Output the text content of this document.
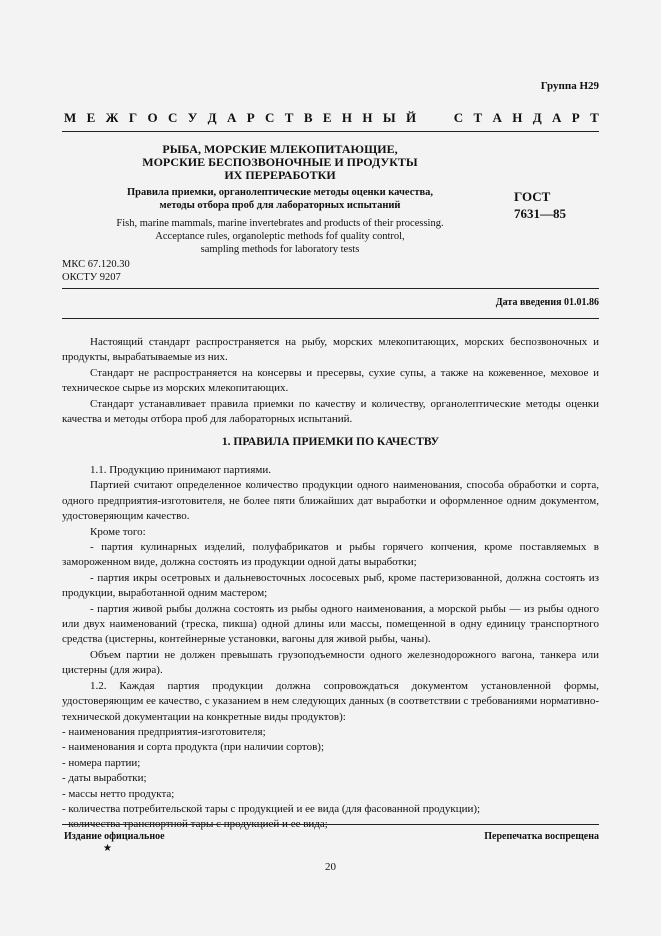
Группа Н29
М Е Ж Г О С У Д А Р С Т В Е Н Н Ы Й

	С Т А Н Д А Р Т
РЫБА, МОРСКИЕ МЛЕКОПИТАЮЩИЕ,
МОРСКИЕ БЕСПОЗВОНОЧНЫЕ И ПРОДУКТЫ
ИХ ПЕРЕРАБОТКИ
Правила приемки, органолептические методы оценки качества,
методы отбора проб для лабораторных испытаний
Fish, marine mammals, marine invertebrates and products of their processing.
Acceptance rules, organoleptic methods fof quality control,
sampling methods for laboratory tests
ГОСТ
7631—85
МКС 67.120.30
ОКСТУ 9207
Дата введения 01.01.86

Настоящий стандарт распространяется на рыбу, морских млекопитающих, морских беспозвоночных и продукты, вырабатываемые из них.

Стандарт не распространяется на консервы и пресервы, сухие супы, а также на кожевенное, меховое и техническое сырье из морских млекопитающих.

Стандарт устанавливает правила приемки по качеству и количеству, органолептические методы оценки качества и методы отбора проб для лабораторных испытаний.

1. ПРАВИЛА ПРИЕМКИ ПО КАЧЕСТВУ

1.1. Продукцию принимают партиями.

Партией считают определенное количество продукции одного наименования, способа обработки и сорта, одного предприятия-изготовителя, не более пяти ближайших дат выработки и оформленное одним документом, удостоверяющим качество.

Кроме того:

- партия кулинарных изделий, полуфабрикатов и рыбы горячего копчения, кроме поставляемых в замороженном виде, должна состоять из продукции одной даты выработки;

- партия икры осетровых и дальневосточных лососевых рыб, кроме пастеризованной, должна состоять из продукции, выработанной одним мастером;

- партия живой рыбы должна состоять из рыбы одного наименования, а морской рыбы — из рыбы одного или двух наименований (треска, пикша) одной длины или массы, помещенной в одну единицу транспортного средства (цистерны, контейнерные установки, вагоны для живой рыбы, чаны).

Объем партии не должен превышать грузоподъемности одного железнодорожного вагона, танкера или цистерны (для жира).

1.2. Каждая партия продукции должна сопровождаться документом установленной формы, удостоверяющим ее качество, с указанием в нем следующих данных (в соответствии с требованиями нормативно-технической документации на конкретные виды продуктов):

- наименования предприятия-изготовителя;

- наименования и сорта продукта (при наличии сортов);

- номера партии;

- даты выработки;

- массы нетто продукта;

- количества потребительской тары с продукцией и ее вида (для фасованной продукции);

- количества транспортной тары с продукцией и ее вида;

Издание официальное	Перепечатка воспрещена
★
20
